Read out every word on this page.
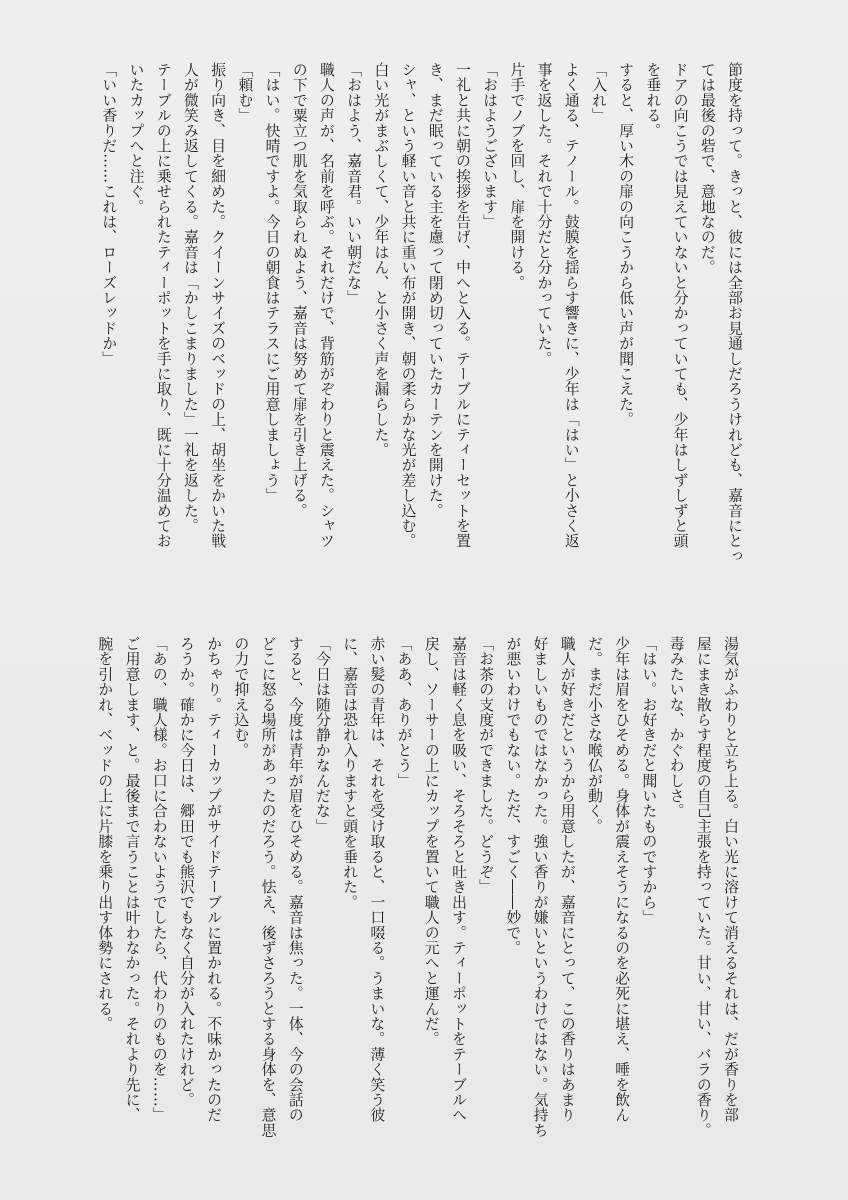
節度を持って。きっと、彼には全部お見通しだろうけれども、嘉音にとっ
ては最後の砦で、意地なのだ。
ドアの向こうでは見えていないと分かっていても、少年はしずしずと頭
を垂れる。
すると、厚い木の扉の向こうから低い声が聞こえた。
「入れ」
よく通る、テノール。鼓膜を揺らす響きに、少年は「はい」と小さく返
事を返した。それで十分だと分かっていた。
片手でノブを回し、扉を開ける。
「おはようございます」
一礼と共に朝の挨拶を告げ、中へと入る。テーブルにティーセットを置
き、まだ眠っている主を慮って閉め切っていたカーテンを開けた。
シャ、という軽い音と共に重い布が開き、朝の柔らかな光が差し込む。
白い光がまぶしくて、少年はん、と小さく声を漏らした。
「おはよう、嘉音君。いい朝だな」
職人の声が、名前を呼ぶ。それだけで、背筋がぞわりと震えた。シャツ
の下で粟立つ肌を気取られぬよう、嘉音は努めて扉を引き上げる。
「はい。快晴ですよ。今日の朝食はテラスにご用意しましょう」
「頼む」
振り向き、目を細めた。クイーンサイズのベッドの上、胡坐をかいた戦
人が微笑み返してくる。嘉音は「かしこまりました」一礼を返した。
テーブルの上に乗せられたティーポットを手に取り、既に十分温めてお
いたカップへと注ぐ。
「いい香りだ……これは、ローズレッドか」
湯気がふわりと立ち上る。白い光に溶けて消えるそれは、だが香りを部
屋にまき散らす程度の自己主張を持っていた。甘い、甘い、バラの香り。
毒みたいな、かぐわしさ。
「はい。お好きだと聞いたものですから」
少年は眉をひそめる。身体が震えそうになるのを必死に堪え、唾を飲ん
だ。まだ小さな喉仏が動く。
職人が好きだというから用意したが、嘉音にとって、この香りはあまり
好ましいものではなかった。強い香りが嫌いというわけではない。気持ち
が悪いわけでもない。ただ、すごく――妙で。
「お茶の支度ができました。どうぞ」
嘉音は軽く息を吸い、そろそろと吐き出す。ティーポットをテーブルへ
戻し、ソーサーの上にカップを置いて職人の元へと運んだ。
「ああ、ありがとう」
赤い髪の青年は、それを受け取ると、一口啜る。うまいな。薄く笑う彼
に、嘉音は恐れ入りますと頭を垂れた。
「今日は随分静かなんだな」
すると、今度は青年が眉をひそめる。嘉音は焦った。一体、今の会話の
どこに怒る場所があったのだろう。怯え、後ずさろうとする身体を、意思
の力で抑え込む。
かちゃり。ティーカップがサイドテーブルに置かれる。不味かったのだ
ろうか。確かに今日は、郷田でも熊沢でもなく自分が入れたけれど。
「あの、職人様。お口に合わないようでしたら、代わりのものを……」
ご用意します、と。最後まで言うことは叶わなかった。それより先に、
腕を引かれ、ベッドの上に片膝を乗り出す体勢にされる。
